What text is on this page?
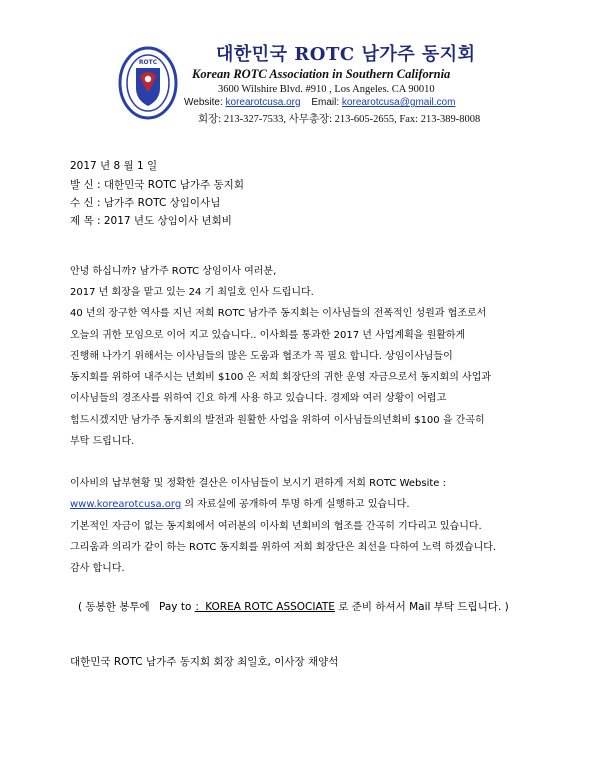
ROTC	대한민국 ROTC 남가주 동지회
Korean ROTC Association in Southern California
3600 Wilshire Blvd. #910 , Los Angeles. CA 90010
Website: korearotcusa.org Email: korearotcusa@gmail.com
회장: 213-327-7533, 사무총장: 213-605-2655, Fax: 213-389-8008
2017 년 8 월 1 일
발 신 : 대한민국 ROTC 남가주 동지회
수 신 : 남가주 ROTC 상임이사님
제 목 : 2017 년도 상임이사 년회비
안녕 하십니까? 남가주 ROTC 상임이사 여러분,
2017 년 회장을 맡고 있는 24 기 최일호 인사 드립니다.
40 년의 장구한 역사를 지닌 저희 ROTC 남가주 동지회는 이사님들의 전폭적인 성원과 협조로서
오늘의 귀한 모임으로 이어 지고 있습니다.. 이사회를 통과한 2017 년 사업계획을 원활하게
진행해 나가기 위해서는 이사님들의 많은 도움과 협조가 꼭 필요 합니다. 상임이사님들이
동지회를 위하여 내주시는 년회비 $100 은 저희 회장단의 귀한 운영 자금으로서 동지회의 사업과
이사님들의 경조사를 위하여 긴요 하게 사용 하고 있습니다. 경제와 여러 상황이 어렵고
힘드시겠지만 남가주 동지회의 발전과 원활한 사업을 위하여 이사님들의년회비 $100 을 간곡히
부탁 드립니다.
이사비의 납부현황 및 정확한 결산은 이사님들이 보시기 편하게 저희 ROTC Website :
www.korearotcusa.org 의 자료실에 공개하여 투명 하게 실행하고 있습니다.
기본적인 자금이 없는 동지회에서 여러분의 이사회 년회비의 협조를 간곡히 기다리고 있습니다.
그리움과 의리가 같이 하는 ROTC 동지회를 위하여 저희 회장단은 최선을 다하여 노력 하겠습니다.
감사 합니다.
( 동봉한 봉투에 Pay to ：KOREA ROTC ASSOCIATE 로 준비 하셔서 Mail 부탁 드립니다. )
대한민국 ROTC 남가주 동지회 회장 최일호, 이사장 채양석
